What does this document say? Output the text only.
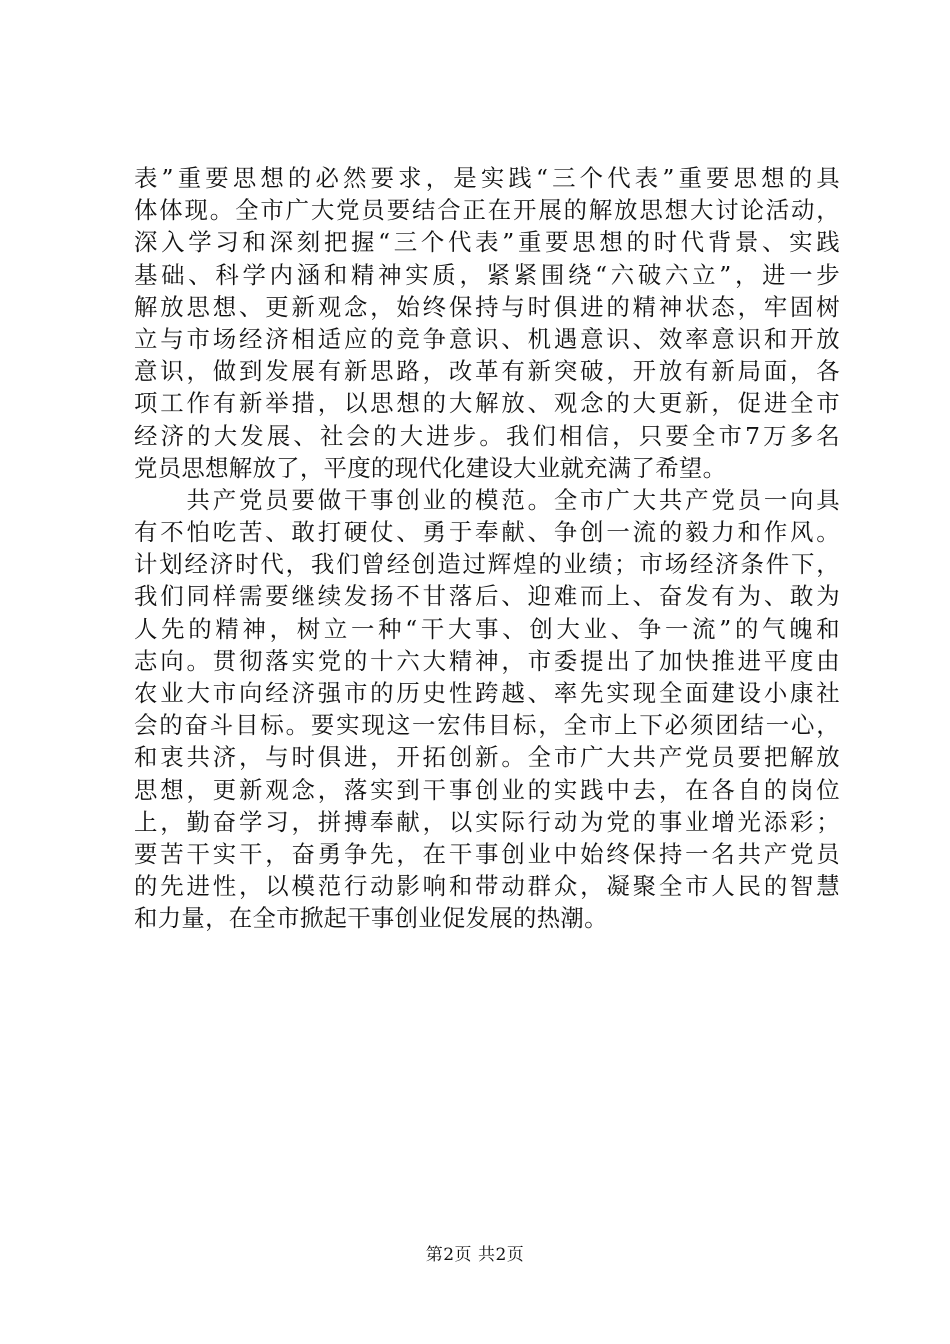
表”重要思想的必然要求，是实践“三个代表”重要思想的具
体体现。全市广大党员要结合正在开展的解放思想大讨论活动，
深入学习和深刻把握“三个代表”重要思想的时代背景、实践
基础、科学内涵和精神实质，紧紧围绕“六破六立”，进一步
解放思想、更新观念，始终保持与时俱进的精神状态，牢固树
立与市场经济相适应的竞争意识、机遇意识、效率意识和开放
意识，做到发展有新思路，改革有新突破，开放有新局面，各
项工作有新举措，以思想的大解放、观念的大更新，促进全市
经济的大发展、社会的大进步。我们相信，只要全市7万多名
党员思想解放了，平度的现代化建设大业就充满了希望。
　　共产党员要做干事创业的模范。全市广大共产党员一向具
有不怕吃苦、敢打硬仗、勇于奉献、争创一流的毅力和作风。
计划经济时代，我们曾经创造过辉煌的业绩；市场经济条件下，
我们同样需要继续发扬不甘落后、迎难而上、奋发有为、敢为
人先的精神，树立一种“干大事、创大业、争一流”的气魄和
志向。贯彻落实党的十六大精神，市委提出了加快推进平度由
农业大市向经济强市的历史性跨越、率先实现全面建设小康社
会的奋斗目标。要实现这一宏伟目标，全市上下必须团结一心，
和衷共济，与时俱进，开拓创新。全市广大共产党员要把解放
思想，更新观念，落实到干事创业的实践中去，在各自的岗位
上，勤奋学习，拼搏奉献，以实际行动为党的事业增光添彩；
要苦干实干，奋勇争先，在干事创业中始终保持一名共产党员
的先进性，以模范行动影响和带动群众，凝聚全市人民的智慧
和力量，在全市掀起干事创业促发展的热潮。
第2页 共2页
